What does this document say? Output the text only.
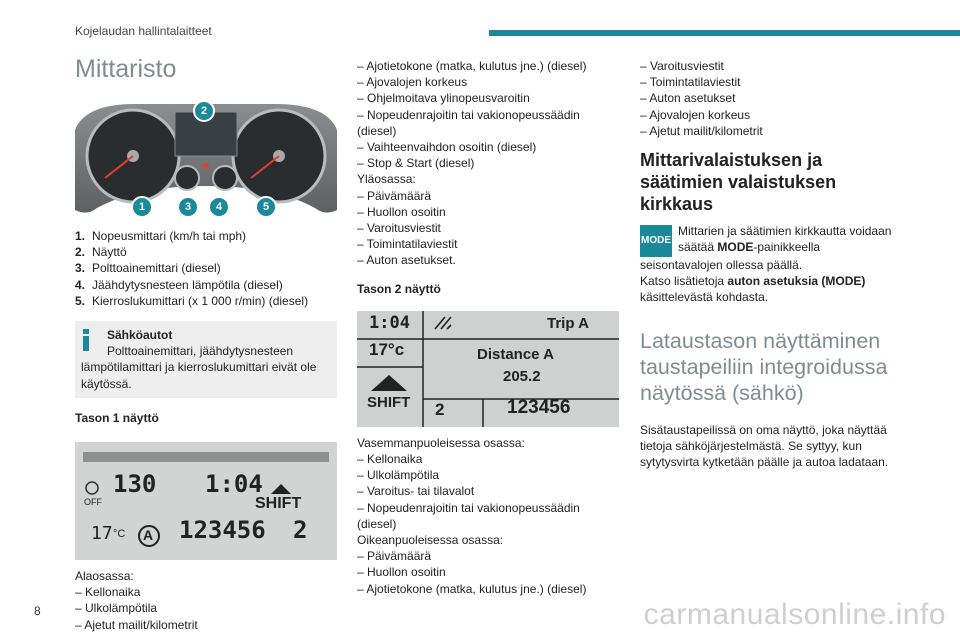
Kojelaudan hallintalaitteet
Mittaristo
2
1	3	4	5
1. Nopeusmittari (km/h tai mph)
2. Näyttö
3. Polttoainemittari (diesel)
4. Jäähdytysnesteen lämpötila (diesel)
5. Kierroslukumittari (x 1 000 r/min) (diesel)
Sähköautot
Polttoainemittari, jäähdytysnesteen
lämpötilamittari ja kierroslukumittari eivät ole
käytössä.
Tason 1 näyttö
OFF
130 1:04
SHIFT
17 °C A 123456 2
Alaosassa:
– Kellonaika
– Ulkolämpötila
– Ajetut mailit/kilometrit
– Ajotietokone (matka, kulutus jne.) (diesel)
– Ajovalojen korkeus
– Ohjelmoitava ylinopeusvaroitin
– Nopeudenrajoitin tai vakionopeussäädin
(diesel)
– Vaihteenvaihdon osoitin (diesel)
– Stop & Start (diesel)
Yläosassa:
– Päivämäärä
– Huollon osoitin
– Varoitusviestit
– Toimintatilaviestit
– Auton asetukset.
Tason 2 näyttö
1:04	Trip A
17°c	Distance A
205.2
SHIFT 2	123456
Vasemmanpuoleisessa osassa:
– Kellonaika
– Ulkolämpötila
– Varoitus- tai tilavalot
– Nopeudenrajoitin tai vakionopeussäädin
(diesel)
Oikeanpuoleisessa osassa:
– Päivämäärä
– Huollon osoitin
– Ajotietokone (matka, kulutus jne.) (diesel)
– Varoitusviestit
– Toimintatilaviestit
– Auton asetukset
– Ajovalojen korkeus
– Ajetut mailit/kilometrit
Mittarivalaistuksen ja
säätimien valaistuksen
kirkkaus
MODE
Mittarien ja säätimien kirkkautta voidaan
säätää MODE-painikkeella
seisontavalojen ollessa päällä.
Katso lisätietoja auton asetuksia (MODE)
käsittelevästä kohdasta.
Lataustason näyttäminen
taustapeiliin integroidussa
näytössä (sähkö)
Sisätaustapeilissä on oma näyttö, joka näyttää
tietoja sähköjärjestelmästä. Se syttyy, kun
sytytysvirta kytketään päälle ja autoa ladataan.
8	carmanualsonline.info
